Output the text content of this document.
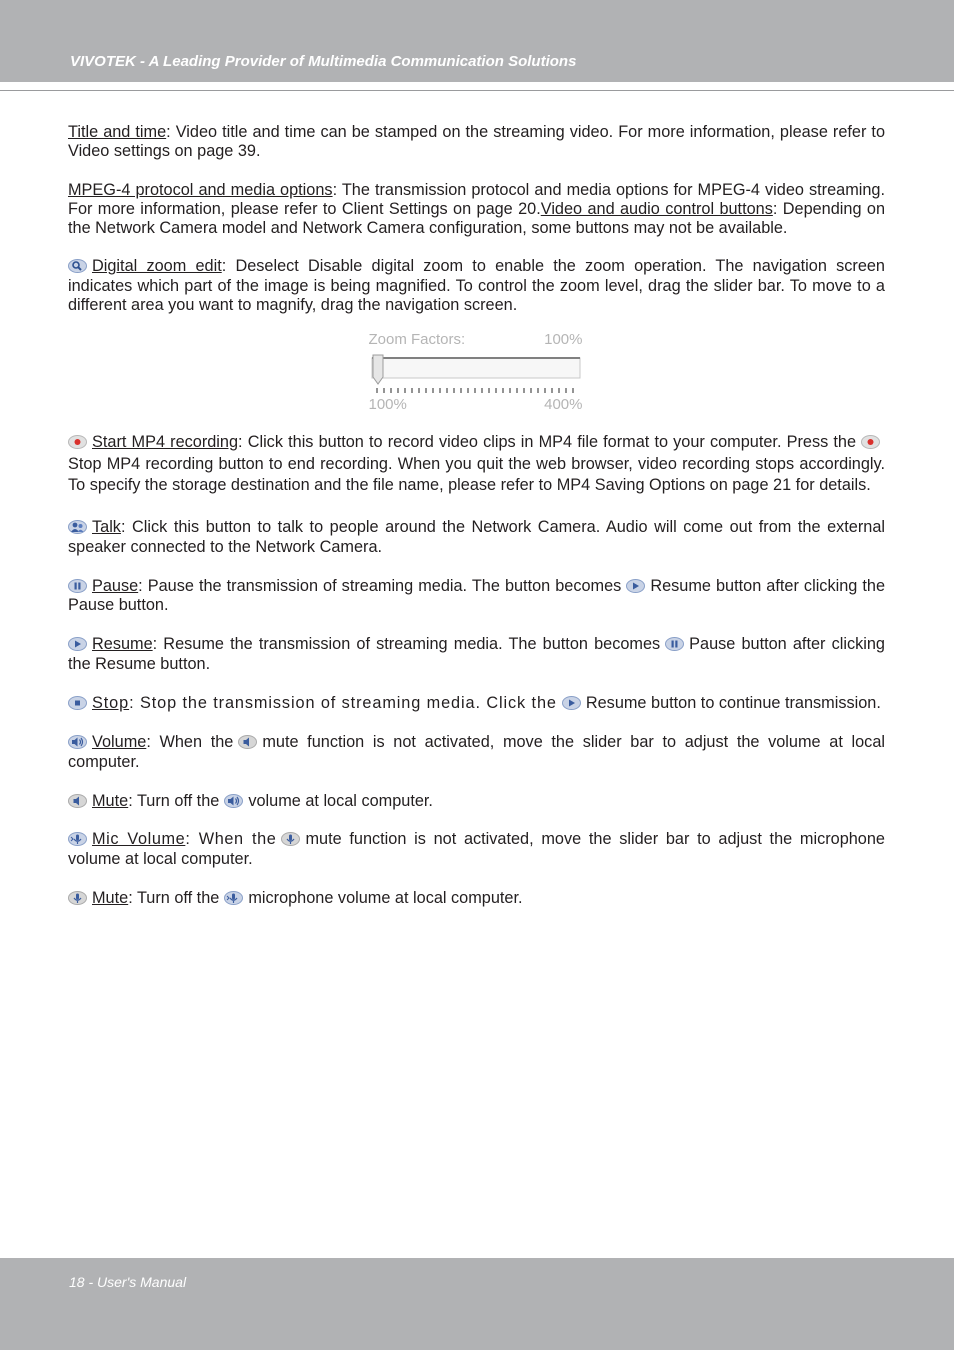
VIVOTEK - A Leading Provider of Multimedia Communication Solutions

Title and time: Video title and time can be stamped on the streaming video. For more information, please refer to Video settings on page 39.

MPEG-4 protocol and media options: The transmission protocol and media options for MPEG-4 video streaming. For more information, please refer to Client Settings on page 20.Video and audio control buttons: Depending on the Network Camera model and Network Camera configuration, some buttons may not be available.

Digital zoom edit: Deselect Disable digital zoom to enable the zoom operation. The navigation screen indicates which part of the image is being magnified. To control the zoom level, drag the slider bar. To move to a different area you want to magnify, drag the navigation screen.

Zoom Factors:	100%
100%	400%

Start MP4 recording: Click this button to record video clips in MP4 file format to your computer. Press the
Stop MP4 recording button to end recording. When you quit the web browser, video recording stops accordingly. To specify the storage destination and the file name, please refer to MP4 Saving Options on page 21 for details.

Talk: Click this button to talk to people around the Network Camera. Audio will come out from the external speaker connected to the Network Camera.

Pause: Pause the transmission of streaming media. The button becomes Resume button after clicking the Pause button.

Resume: Resume the transmission of streaming media. The button becomes Pause button after clicking the Resume button.

Stop: Stop the transmission of streaming media. Click the Resume button to continue transmission.

Volume: When the mute function is not activated, move the slider bar to adjust the volume at local computer.

Mute: Turn off the volume at local computer.

Mic Volume: When the mute function is not activated, move the slider bar to adjust the microphone volume at local computer.

Mute: Turn off the microphone volume at local computer.

18 - User's Manual
